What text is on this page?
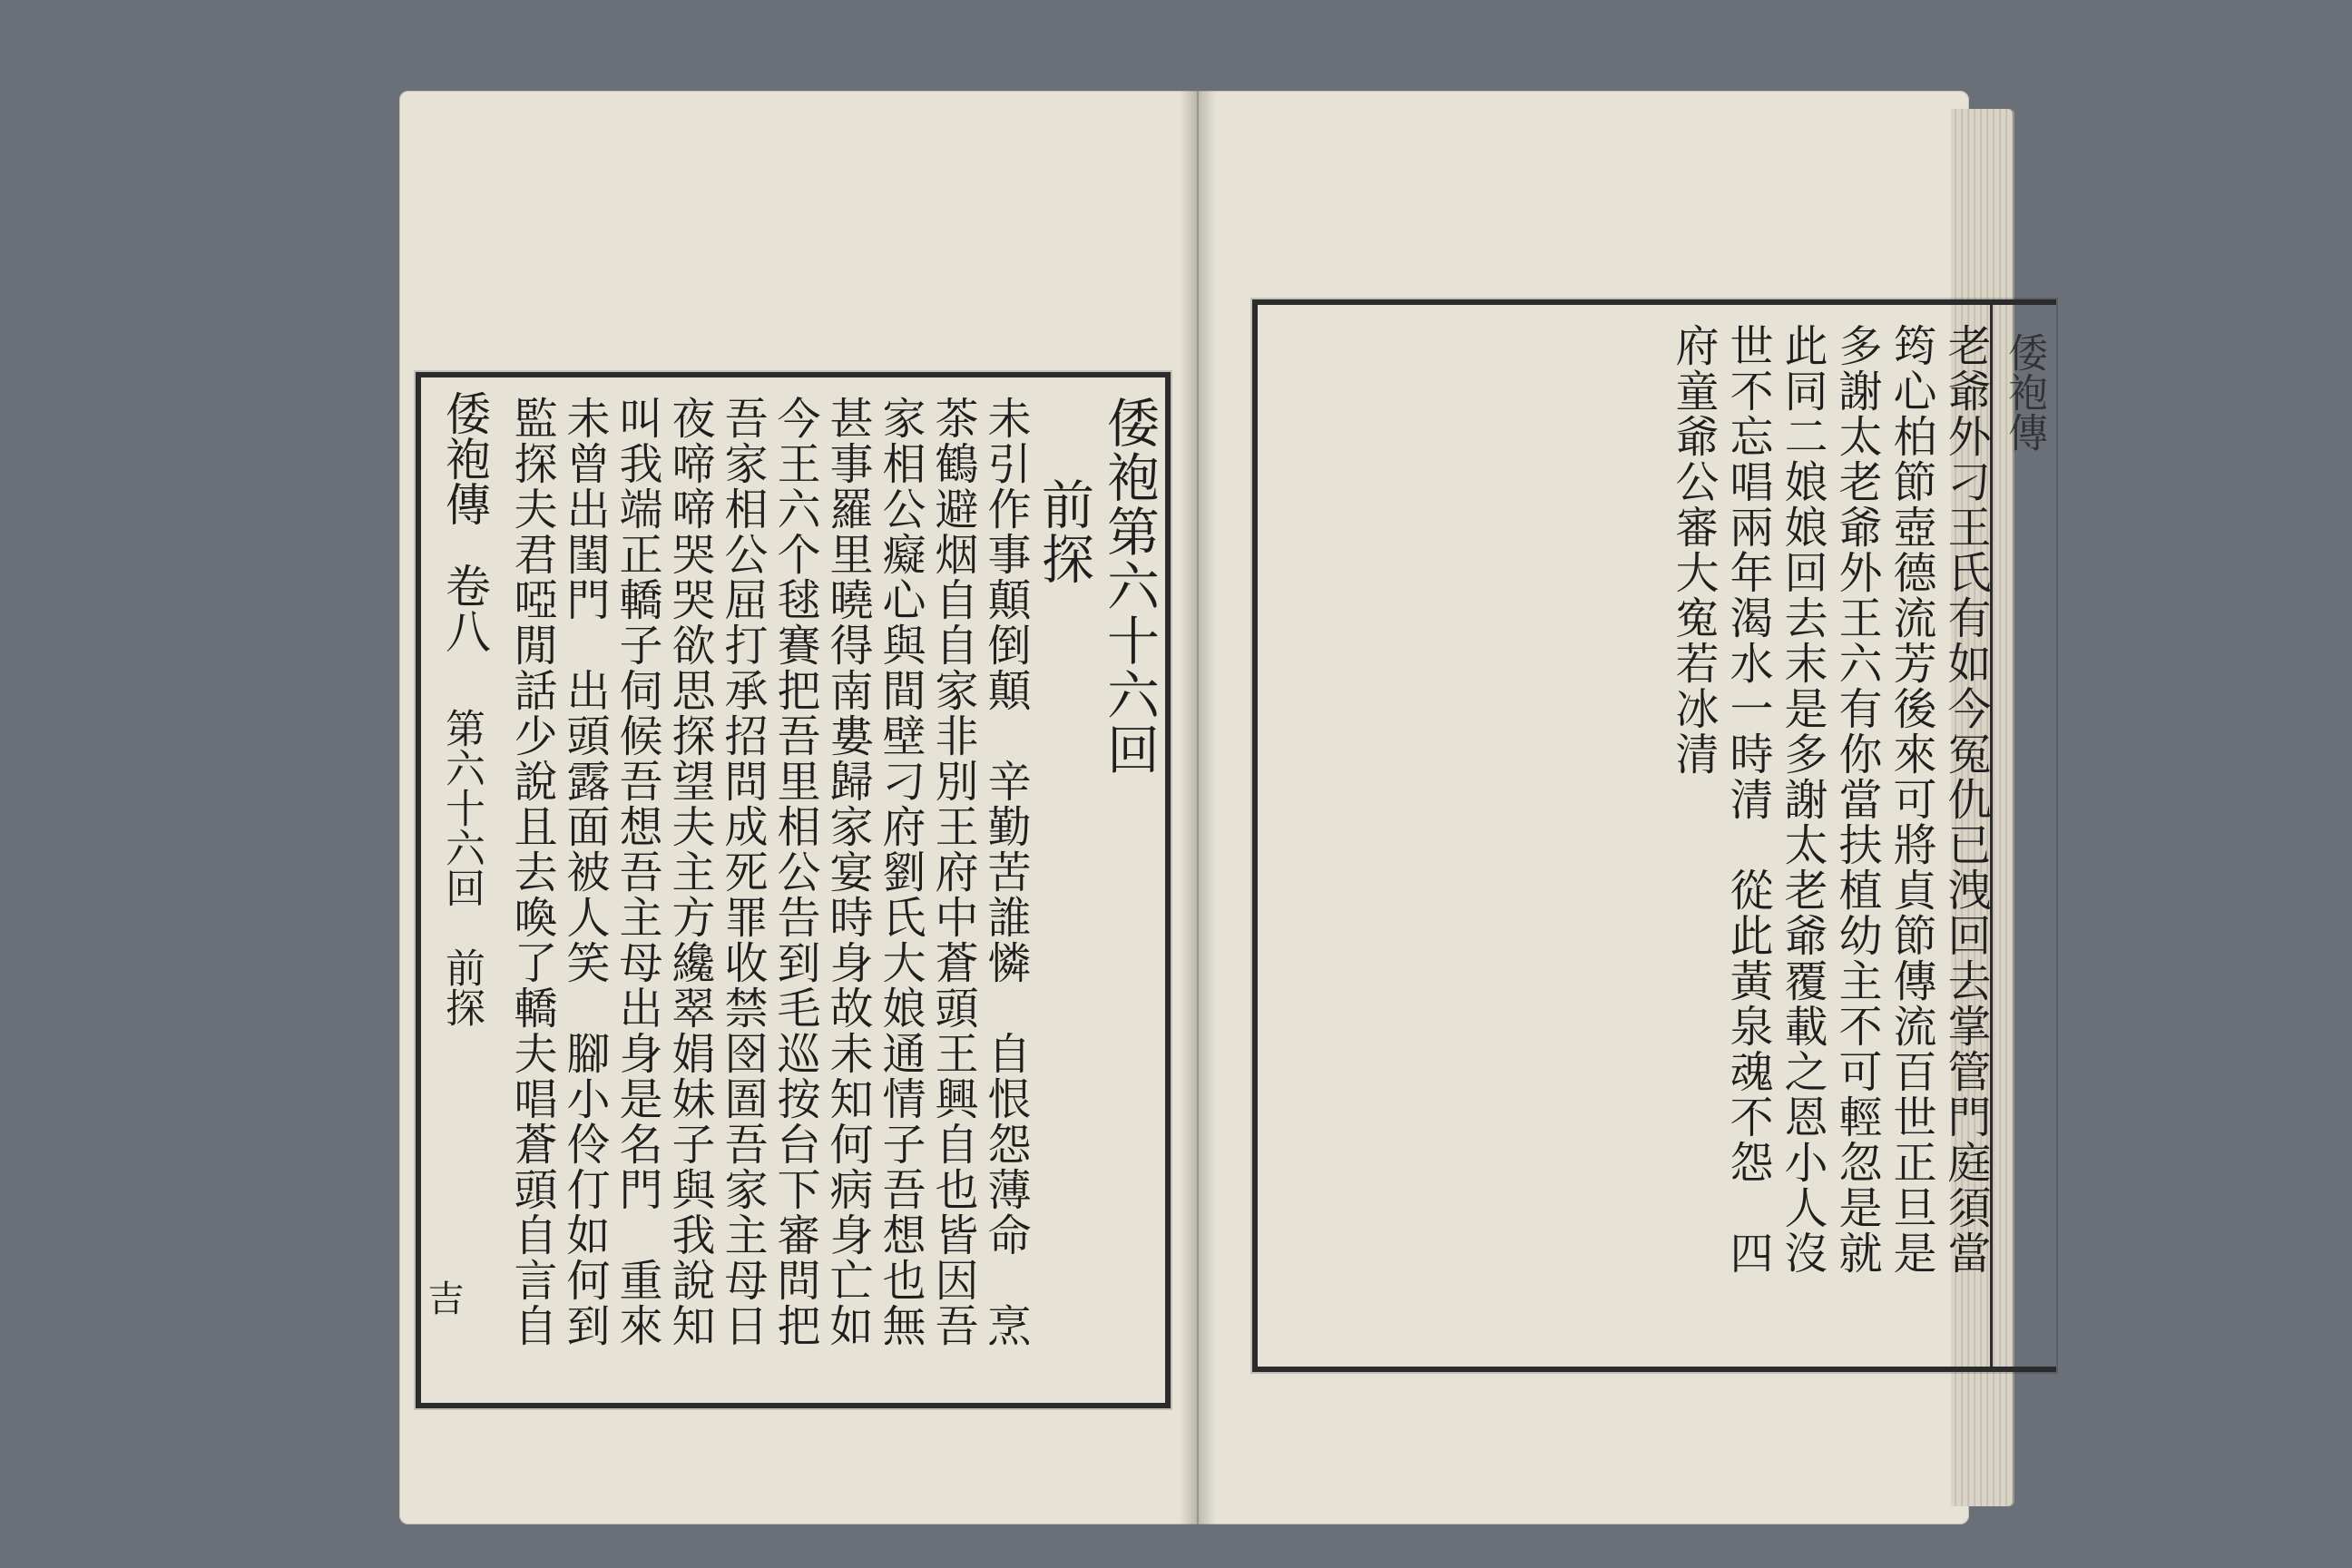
倭袍第六十六回
前探
未引作事顛倒顛　辛勤苦誰憐　自恨怨薄命　烹
茶鶴避烟自自家非別王府中蒼頭王興自也皆因吾
家相公癡心與間壁刁府劉氏大娘通情子吾想也無
甚事羅里曉得南婁歸家宴時身故未知何病身亡如
今王六个毬賽把吾里相公告到毛巡按台下審問把
吾家相公屈打承招問成死罪收禁囹圄吾家主母日
夜啼啼哭哭欲思探望夫主方纔翠娟妹子與我說知
叫我端正轎子伺候吾想吾主母出身是名門　重來
未曾出閨門　出頭露面被人笑　腳小伶仃如何到
監探夫君啞閒話少說且去喚了轎夫唱蒼頭自言自
倭袍傳
卷八
第六十六回　前探
吉
倭袍傳
老爺外刁王氏有如今冤仇已洩回去掌管門庭須當
筠心柏節壺德流芳後來可將貞節傳流百世正旦是
多謝太老爺外王六有你當扶植幼主不可輕忽是就
此同二娘娘回去末是多謝太老爺覆載之恩小人沒
世不忘唱兩年渴水一時清　從此黃泉魂不怨　四
府童爺公審大寃若冰清
